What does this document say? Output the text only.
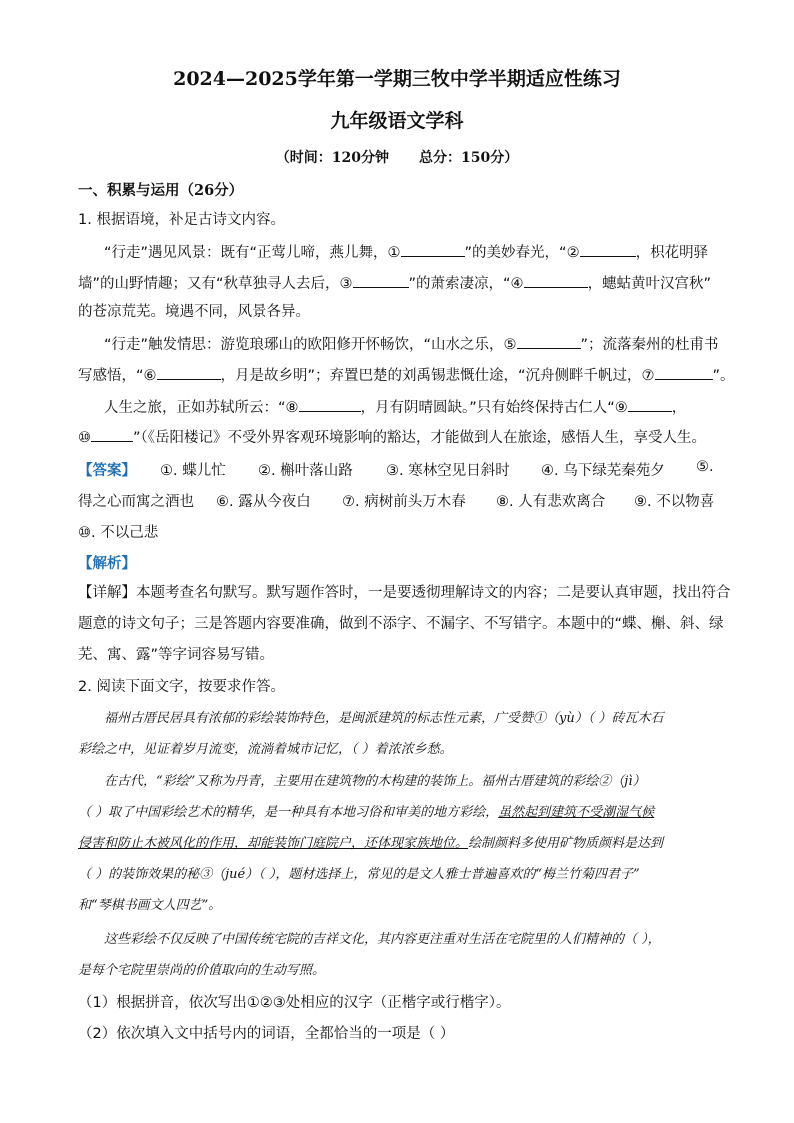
2024—2025学年第一学期三牧中学半期适应性练习
九年级语文学科
（时间：120分钟 总分：150分）
一、积累与运用（26分）
1. 根据语境，补足古诗文内容。
“行走”遇见风景：既有“正莺儿啼，燕儿舞，①	”的美妙春光，“②	，枳花明驿
墙”的山野情趣；又有“秋草独寻人去后，③	”的萧索凄凉，“④	，蟪蛄黄叶汉宫秋”
的苍凉荒芜。境遇不同，风景各异。
“行走”触发情思：游览琅琊山的欧阳修开怀畅饮，“山水之乐，⑤	”；流落秦州的杜甫书
写感悟，“⑥	，月是故乡明”；弃置巴楚的刘禹锡悲慨仕途，“沉舟侧畔千帆过，⑦	”。
人生之旅，正如苏轼所云：“⑧	，月有阴晴圆缺。”只有始终保持古仁人“⑨	，
⑩	”（《岳阳楼记》不受外界客观环境影响的豁达，才能做到人在旅途，感悟人生，享受人生。
【答案】 ①. 蝶儿忙 ②. 槲叶落山路 ③. 寒林空见日斜时 ④. 乌下绿芜秦苑夕 ⑤.
得之心而寓之酒也 ⑥. 露从今夜白 ⑦. 病树前头万木春 ⑧. 人有悲欢离合 ⑨. 不以物喜
⑩. 不以己悲
【解析】
【详解】本题考查名句默写。默写题作答时，一是要透彻理解诗文的内容；二是要认真审题，找出符合
题意的诗文句子；三是答题内容要准确，做到不添字、不漏字、不写错字。本题中的“蝶、槲、斜、绿
芜、寓、露”等字词容易写错。
2. 阅读下面文字，按要求作答。
福州古厝民居具有浓郁的彩绘装饰特色，是闽派建筑的标志性元素，广受赞①（yù）（ ）砖瓦木石
彩绘之中，见证着岁月流变，流淌着城市记忆，（ ）着浓浓乡愁。
在古代，“彩绘”又称为丹青，主要用在建筑物的木构建的装饰上。福州古厝建筑的彩绘②（jì）
（ ）取了中国彩绘艺术的精华，是一种具有本地习俗和审美的地方彩绘，虽然起到建筑不受潮湿气候
侵害和防止木被风化的作用，却能装饰门庭院户，还体现家族地位。绘制颜料多使用矿物质颜料是达到
（ ）的装饰效果的秘③（jué）（ ），题材选择上，常见的是文人雅士普遍喜欢的“梅兰竹菊四君子”
和“琴棋书画文人四艺”。
这些彩绘不仅反映了中国传统宅院的吉祥文化，其内容更注重对生活在宅院里的人们精神的（ ），
是每个宅院里崇尚的价值取向的生动写照。
（1）根据拼音，依次写出①②③处相应的汉字（正楷字或行楷字）。
（2）依次填入文中括号内的词语，全都恰当的一项是（ ）
